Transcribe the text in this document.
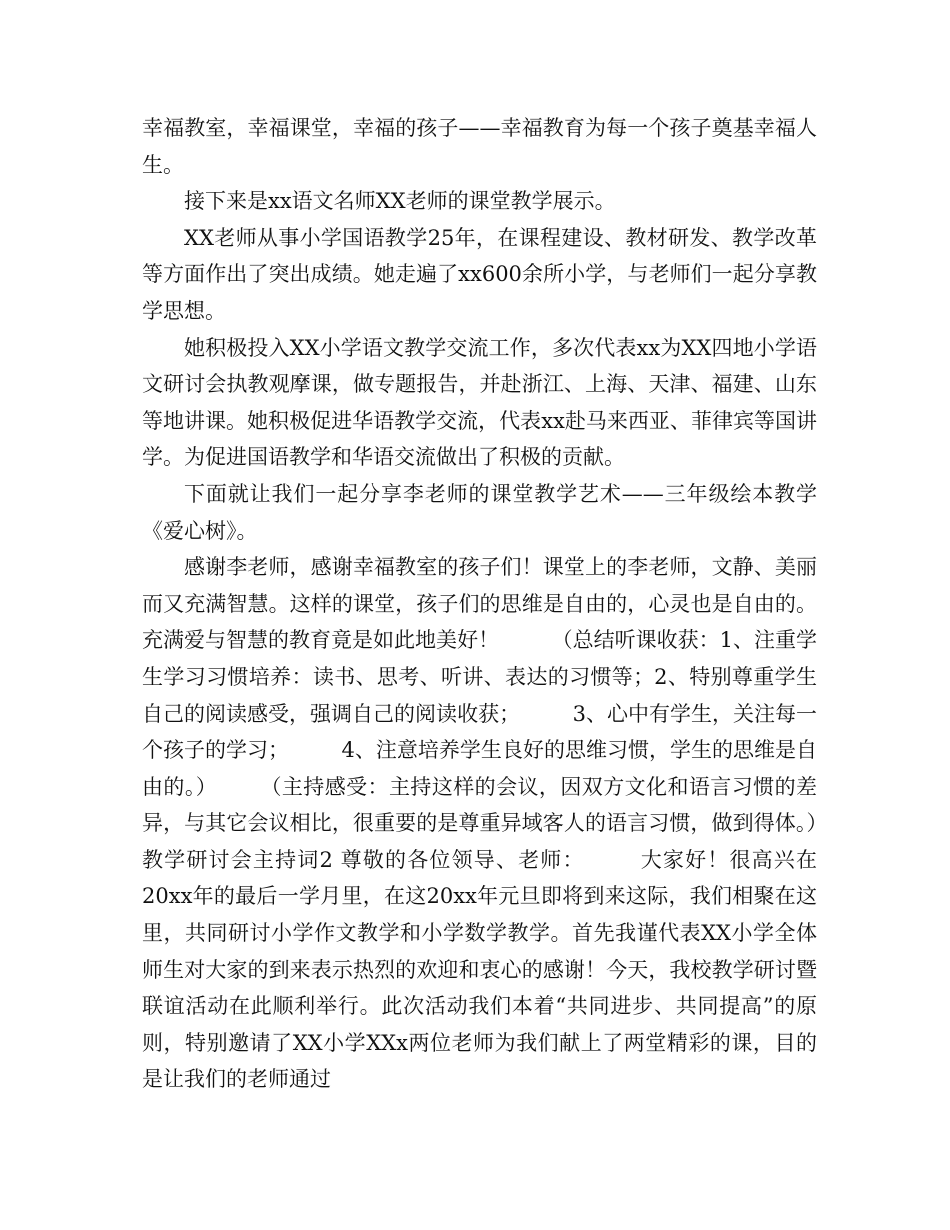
幸福教室，幸福课堂，幸福的孩子——幸福教育为每一个孩子奠基幸福人生。

接下来是xx语文名师XX老师的课堂教学展示。

XX老师从事小学国语教学25年，在课程建设、教材研发、教学改革等方面作出了突出成绩。她走遍了xx600余所小学，与老师们一起分享教学思想。

她积极投入XX小学语文教学交流工作，多次代表xx为XX四地小学语文研讨会执教观摩课，做专题报告，并赴浙江、上海、天津、福建、山东等地讲课。她积极促进华语教学交流，代表xx赴马来西亚、菲律宾等国讲学。为促进国语教学和华语交流做出了积极的贡献。

下面就让我们一起分享李老师的课堂教学艺术——三年级绘本教学《爱心树》。

感谢李老师，感谢幸福教室的孩子们！课堂上的李老师，文静、美丽而又充满智慧。这样的课堂，孩子们的思维是自由的，心灵也是自由的。充满爱与智慧的教育竟是如此地美好！　　　（总结听课收获：1、注重学生学习习惯培养：读书、思考、听讲、表达的习惯等；2、特别尊重学生自己的阅读感受，强调自己的阅读收获；　　　3、心中有学生，关注每一个孩子的学习；　　　4、注意培养学生良好的思维习惯，学生的思维是自由的。）　　　（主持感受：主持这样的会议，因双方文化和语言习惯的差异，与其它会议相比，很重要的是尊重异域客人的语言习惯，做到得体。）　　　教学研讨会主持词2 尊敬的各位领导、老师：　　　大家好！很高兴在20xx年的最后一学月里，在这20xx年元旦即将到来这际，我们相聚在这里，共同研讨小学作文教学和小学数学教学。首先我谨代表XX小学全体师生对大家的到来表示热烈的欢迎和衷心的感谢！今天，我校教学研讨暨联谊活动在此顺利举行。此次活动我们本着“共同进步、共同提高”的原则，特别邀请了XX小学XXx两位老师为我们献上了两堂精彩的课，目的是让我们的老师通过
